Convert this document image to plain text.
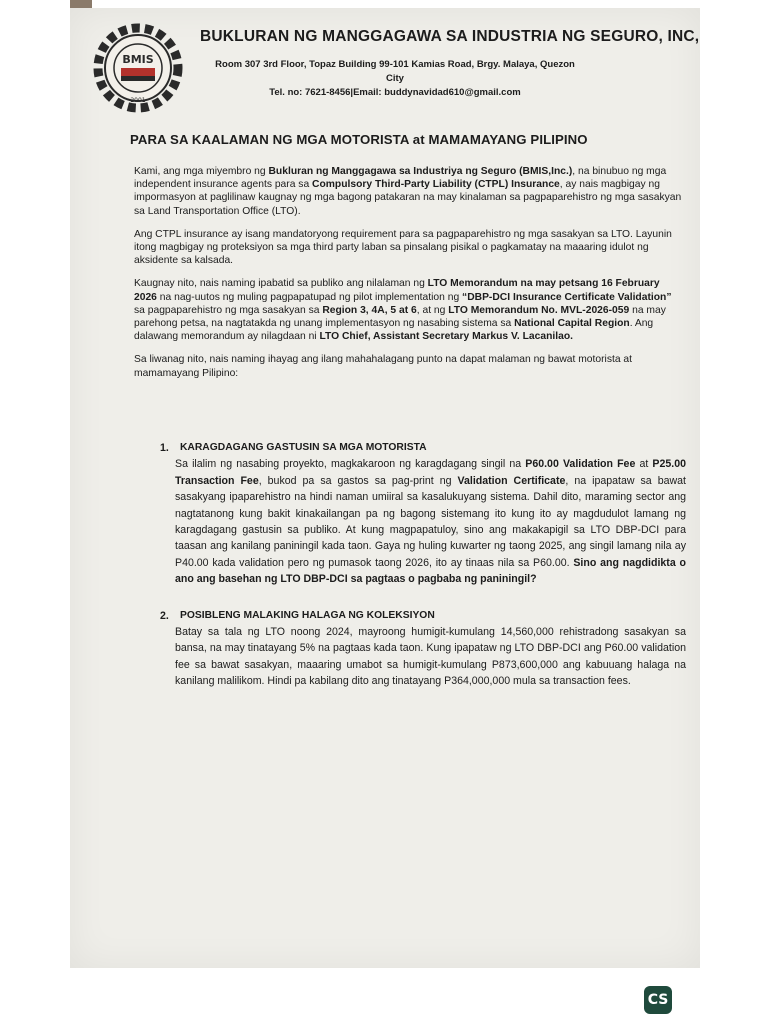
BMIS
2001
BUKLURAN NG MANGGAGAWA SA INDUSTRIA NG SEGURO, INC,
Room 307 3rd Floor, Topaz Building 99-101 Kamias Road, Brgy. Malaya, Quezon City
Tel. no: 7621-8456|Email: buddynavidad610@gmail.com
PARA SA KAALAMAN NG MGA MOTORISTA at MAMAMAYANG PILIPINO

Kami, ang mga miyembro ng Bukluran ng Manggagawa sa Industriya ng Seguro (BMIS,Inc.), na binubuo ng mga independent insurance agents para sa Compulsory Third-Party Liability (CTPL) Insurance, ay nais magbigay ng impormasyon at paglilinaw kaugnay ng mga bagong patakaran na may kinalaman sa pagpaparehistro ng mga sasakyan sa Land Transportation Office (LTO).

Ang CTPL insurance ay isang mandatoryong requirement para sa pagpaparehistro ng mga sasakyan sa LTO. Layunin itong magbigay ng proteksiyon sa mga third party laban sa pinsalang pisikal o pagkamatay na maaaring idulot ng aksidente sa kalsada.

Kaugnay nito, nais naming ipabatid sa publiko ang nilalaman ng LTO Memorandum na may petsang 16 February 2026 na nag-uutos ng muling pagpapatupad ng pilot implementation ng “DBP-DCI Insurance Certificate Validation” sa pagpaparehistro ng mga sasakyan sa Region 3, 4A, 5 at 6, at ng LTO Memorandum No. MVL-2026-059 na may parehong petsa, na nagtatakda ng unang implementasyon ng nasabing sistema sa National Capital Region. Ang dalawang memorandum ay nilagdaan ni LTO Chief, Assistant Secretary Markus V. Lacanilao.

Sa liwanag nito, nais naming ihayag ang ilang mahahalagang punto na dapat malaman ng bawat motorista at mamamayang Pilipino:

1. KARAGDAGANG GASTUSIN SA MGA MOTORISTA
Sa ilalim ng nasabing proyekto, magkakaroon ng karagdagang singil na P60.00 Validation Fee at P25.00 Transaction Fee, bukod pa sa gastos sa pag-print ng Validation Certificate, na ipapataw sa bawat sasakyang ipaparehistro na hindi naman umiiral sa kasalukuyang sistema. Dahil dito, maraming sector ang nagtatanong kung bakit kinakailangan pa ng bagong sistemang ito kung ito ay magdudulot lamang ng karagdagang gastusin sa publiko. At kung magpapatuloy, sino ang makakapigil sa LTO DBP-DCI para taasan ang kanilang paniningil kada taon. Gaya ng huling kuwarter ng taong 2025, ang singil lamang nila ay P40.00 kada validation pero ng pumasok taong 2026, ito ay tinaas nila sa P60.00. Sino ang nagdidikta o ano ang basehan ng LTO DBP-DCI sa pagtaas o pagbaba ng paniningil?
2. POSIBLENG MALAKING HALAGA NG KOLEKSIYON
Batay sa tala ng LTO noong 2024, mayroong humigit-kumulang 14,560,000 rehistradong sasakyan sa bansa, na may tinatayang 5% na pagtaas kada taon. Kung ipapataw ng LTO DBP-DCI ang P60.00 validation fee sa bawat sasakyan, maaaring umabot sa humigit-kumulang P873,600,000 ang kabuuang halaga na kanilang malilikom. Hindi pa kabilang dito ang tinatayang P364,000,000 mula sa transaction fees.
CS
